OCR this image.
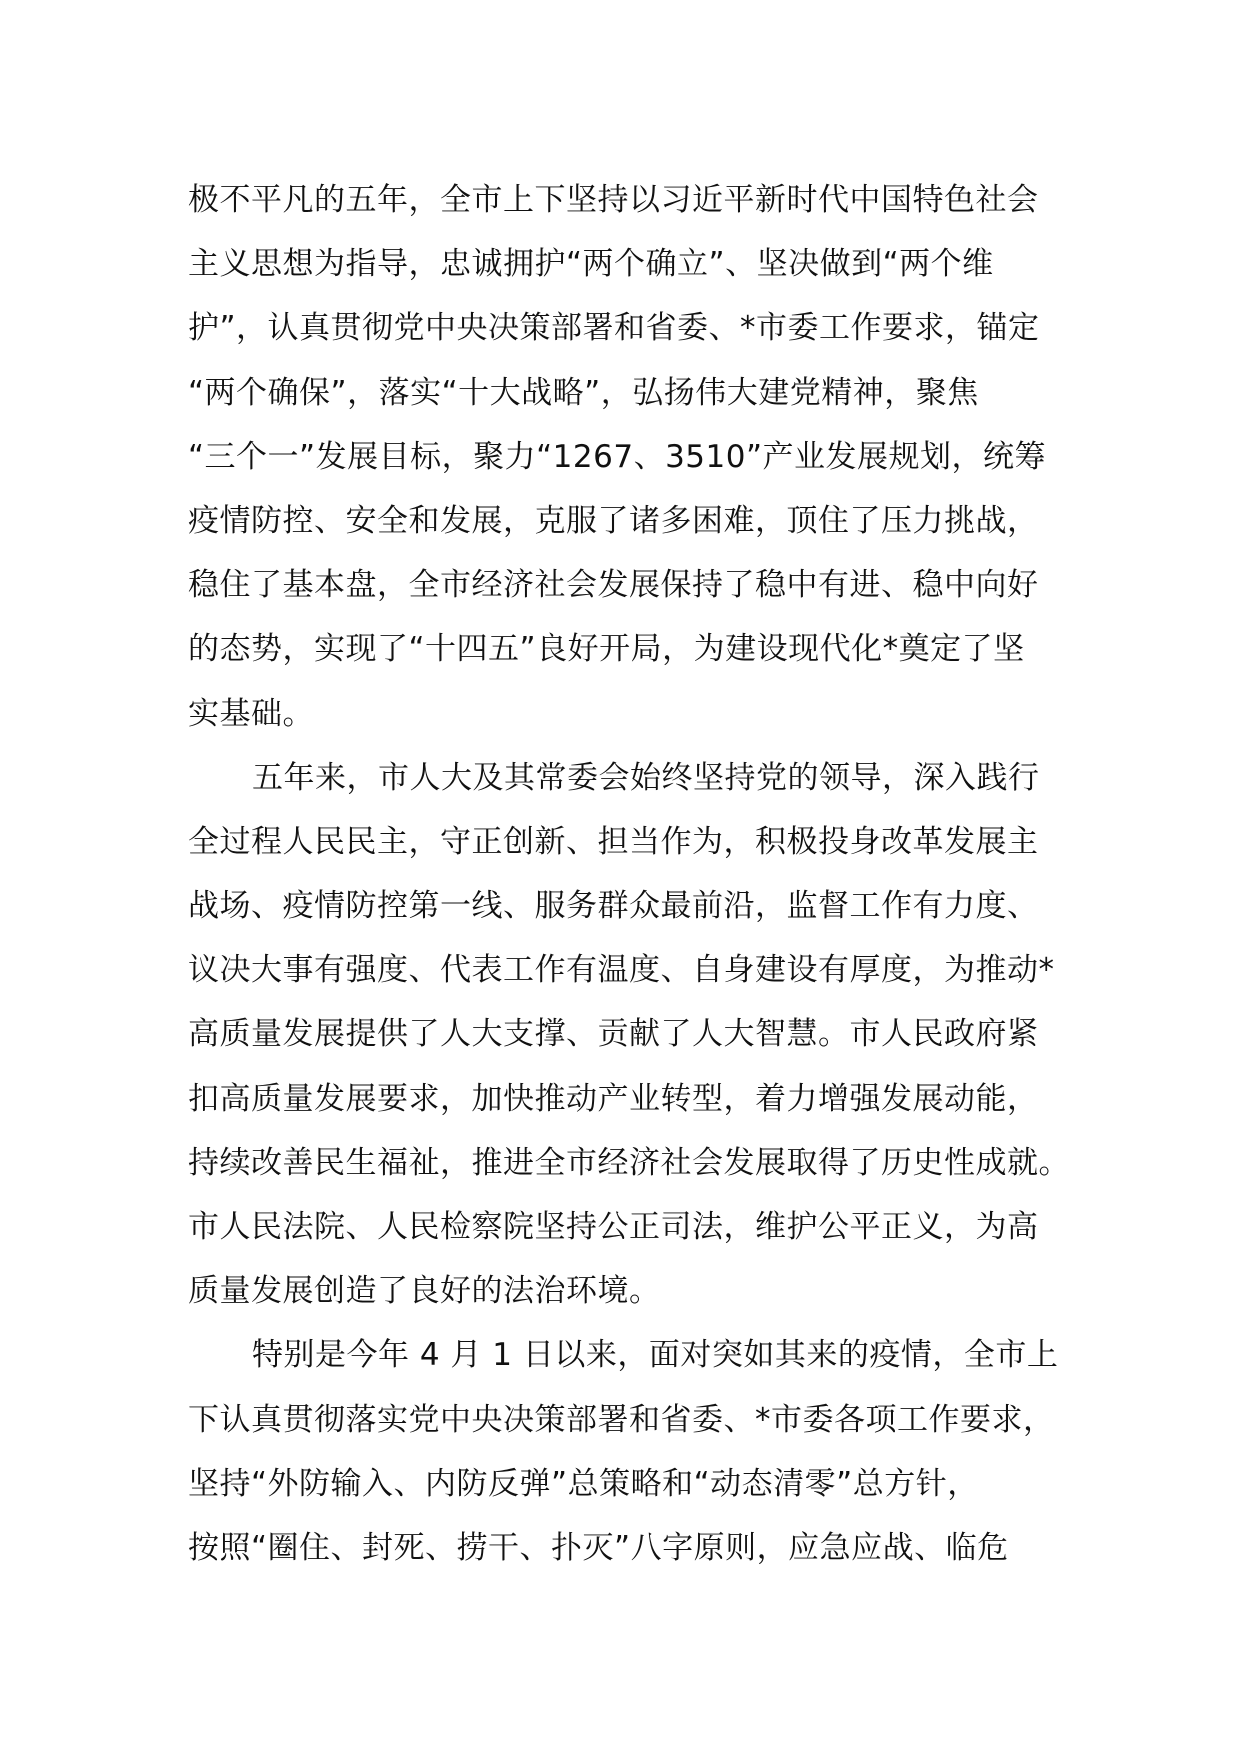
极不平凡的五年，全市上下坚持以习近平新时代中国特色社会
主义思想为指导，忠诚拥护“两个确立”、坚决做到“两个维
护”，认真贯彻党中央决策部署和省委、*市委工作要求，锚定
“两个确保”，落实“十大战略”，弘扬伟大建党精神，聚焦
“三个一”发展目标，聚力“1267、3510”产业发展规划，统筹
疫情防控、安全和发展，克服了诸多困难，顶住了压力挑战，
稳住了基本盘，全市经济社会发展保持了稳中有进、稳中向好
的态势，实现了“十四五”良好开局，为建设现代化*奠定了坚
实基础。
五年来，市人大及其常委会始终坚持党的领导，深入践行
全过程人民民主，守正创新、担当作为，积极投身改革发展主
战场、疫情防控第一线、服务群众最前沿，监督工作有力度、
议决大事有强度、代表工作有温度、自身建设有厚度，为推动*
高质量发展提供了人大支撑、贡献了人大智慧。市人民政府紧
扣高质量发展要求，加快推动产业转型，着力增强发展动能，
持续改善民生福祉，推进全市经济社会发展取得了历史性成就。
市人民法院、人民检察院坚持公正司法，维护公平正义，为高
质量发展创造了良好的法治环境。
特别是今年 4 月 1 日以来，面对突如其来的疫情，全市上
下认真贯彻落实党中央决策部署和省委、*市委各项工作要求，
坚持“外防输入、内防反弹”总策略和“动态清零”总方针，
按照“圈住、封死、捞干、扑灭”八字原则，应急应战、临危
